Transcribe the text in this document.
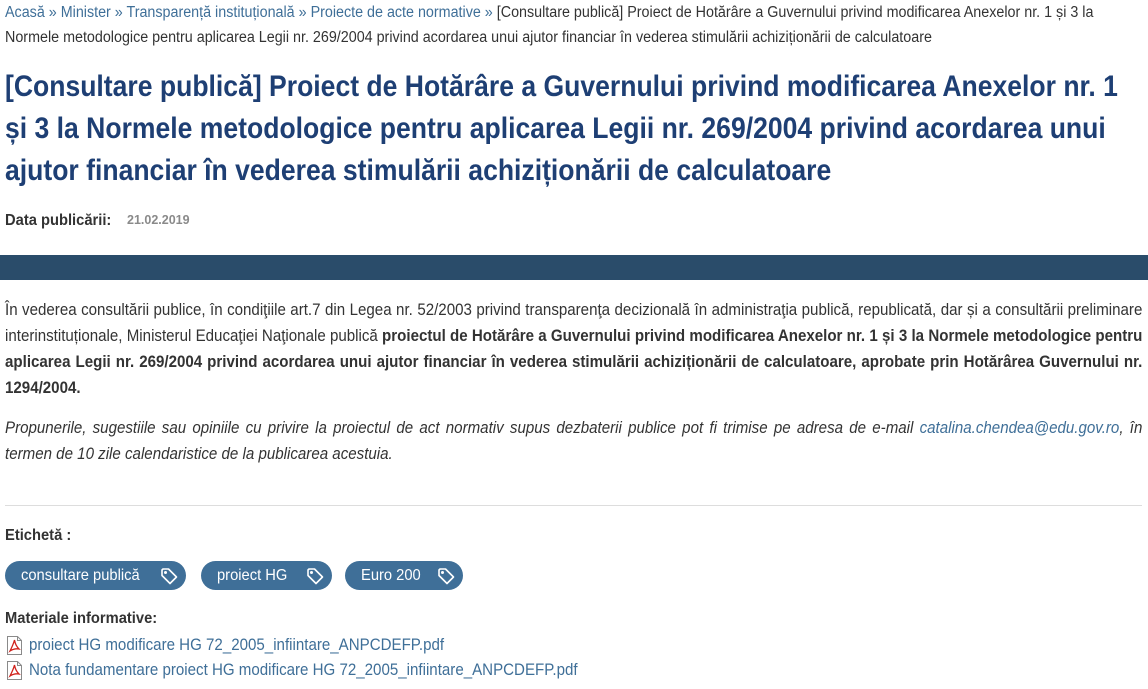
Acasă » Minister » Transparență instituțională » Proiecte de acte normative » [Consultare publică] Proiect de Hotărâre a Guvernului privind modificarea Anexelor nr. 1 și 3 la Normele metodologice pentru aplicarea Legii nr. 269/2004 privind acordarea unui ajutor financiar în vederea stimulării achiziționării de calculatoare
[Consultare publică] Proiect de Hotărâre a Guvernului privind modificarea Anexelor nr. 1 și 3 la Normele metodologice pentru aplicarea Legii nr. 269/2004 privind acordarea unui ajutor financiar în vederea stimulării achiziționării de calculatoare
Data publicării: 21.02.2019

În vederea consultării publice, în condiţiile art.7 din Legea nr. 52/2003 privind transparenţa decizională în administraţia publică, republicată, dar și a consultării preliminare interinstituționale, Ministerul Educaţiei Naţionale publică proiectul de Hotărâre a Guvernului privind modificarea Anexelor nr. 1 și 3 la Normele metodologice pentru aplicarea Legii nr. 269/2004 privind acordarea unui ajutor financiar în vederea stimulării achiziționării de calculatoare, aprobate prin Hotărârea Guvernului nr. 1294/2004.

Propunerile, sugestiile sau opiniile cu privire la proiectul de act normativ supus dezbaterii publice pot fi trimise pe adresa de e-mail catalina.chendea@edu.gov.ro, în termen de 10 zile calendaristice de la publicarea acestuia.

Etichetă :
consultare publică	proiect HG	Euro 200
Materiale informative:
proiect HG modificare HG 72_2005_infiintare_ANPCDEFP.pdf
Nota fundamentare proiect HG modificare HG 72_2005_infiintare_ANPCDEFP.pdf
